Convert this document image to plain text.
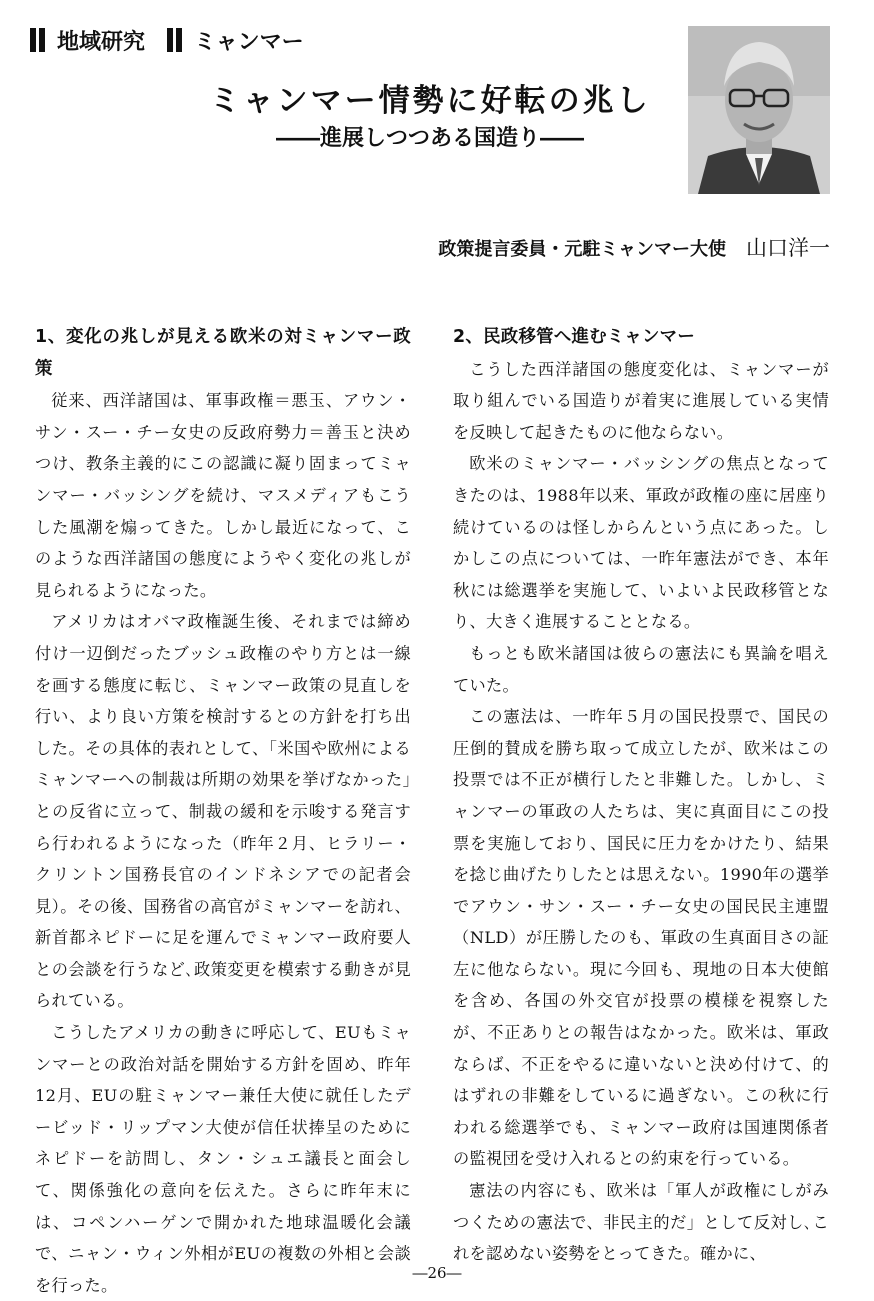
地域研究 ミャンマー
ミャンマー情勢に好転の兆し
――進展しつつある国造り――
政策提言委員・元駐ミャンマー大使 山口洋一
1、変化の兆しが見える欧米の対ミャンマー政策

従来、西洋諸国は、軍事政権＝悪玉、アウン・サン・スー・チー女史の反政府勢力＝善玉と決めつけ、教条主義的にこの認識に凝り固まってミャンマー・バッシングを続け、マスメディアもこうした風潮を煽ってきた。しかし最近になって、このような西洋諸国の態度にようやく変化の兆しが見られるようになった。

アメリカはオバマ政権誕生後、それまでは締め付け一辺倒だったブッシュ政権のやり方とは一線を画する態度に転じ、ミャンマー政策の見直しを行い、より良い方策を検討するとの方針を打ち出した。その具体的表れとして、「米国や欧州によるミャンマーへの制裁は所期の効果を挙げなかった」との反省に立って、制裁の緩和を示唆する発言すら行われるようになった（昨年２月、ヒラリー・クリントン国務長官のインドネシアでの記者会見）。その後、国務省の高官がミャンマーを訪れ、新首都ネピドーに足を運んでミャンマー政府要人との会談を行うなど､政策変更を模索する動きが見られている。

こうしたアメリカの動きに呼応して、EUもミャンマーとの政治対話を開始する方針を固め、昨年12月、EUの駐ミャンマー兼任大使に就任したデービッド・リップマン大使が信任状捧呈のためにネピドーを訪問し、タン・シュエ議長と面会して、関係強化の意向を伝えた。さらに昨年末には、コペンハーゲンで開かれた地球温暖化会議で、ニャン・ウィン外相がEUの複数の外相と会談を行った。

2、民政移管へ進むミャンマー

こうした西洋諸国の態度変化は、ミャンマーが取り組んでいる国造りが着実に進展している実情を反映して起きたものに他ならない。

欧米のミャンマー・バッシングの焦点となってきたのは、1988年以来、軍政が政権の座に居座り続けているのは怪しからんという点にあった。しかしこの点については、一昨年憲法ができ、本年秋には総選挙を実施して、いよいよ民政移管となり、大きく進展することとなる。

もっとも欧米諸国は彼らの憲法にも異論を唱えていた。

この憲法は、一昨年５月の国民投票で、国民の圧倒的賛成を勝ち取って成立したが、欧米はこの投票では不正が横行したと非難した。しかし、ミャンマーの軍政の人たちは、実に真面目にこの投票を実施しており、国民に圧力をかけたり、結果を捻じ曲げたりしたとは思えない。1990年の選挙でアウン・サン・スー・チー女史の国民民主連盟（NLD）が圧勝したのも、軍政の生真面目さの証左に他ならない。現に今回も、現地の日本大使館を含め、各国の外交官が投票の模様を視察したが、不正ありとの報告はなかった。欧米は、軍政ならば、不正をやるに違いないと決め付けて、的はずれの非難をしているに過ぎない。この秋に行われる総選挙でも、ミャンマー政府は国連関係者の監視団を受け入れるとの約束を行っている。

憲法の内容にも、欧米は「軍人が政権にしがみつくための憲法で、非民主的だ」として反対し､これを認めない姿勢をとってきた。確かに、

―26―
